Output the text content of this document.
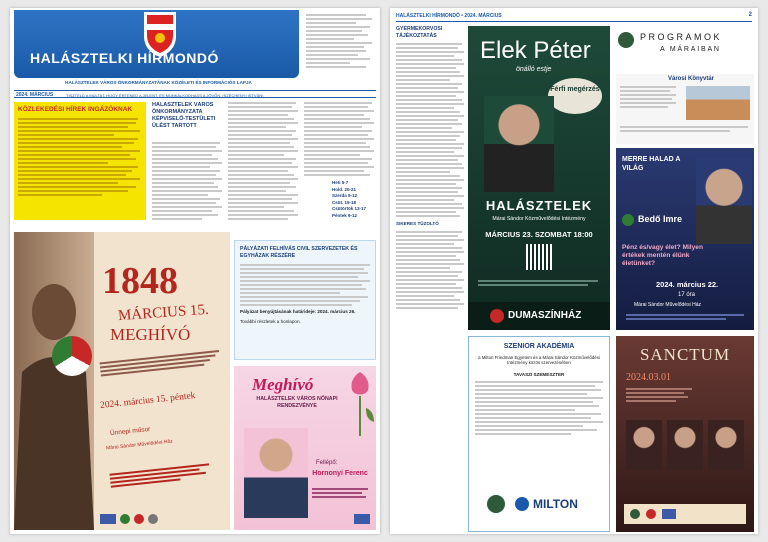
HALÁSZTELKI HÍRMONDÓ
HALÁSZTELEK VÁROS ÖNKORMÁNYZATÁNAK KÖZÉLETI ÉS INFORMÁCIÓS LAPJA
2024. MÁRCIUS	TISZTELD A MÚLTAT, HOGY ÉRTENED A JELENT, ÉS MUNKÁLKODHASS A JÖVŐN. (SZÉCHENYI ISTVÁN)
KÖZLEKEDÉSI HÍREK INGÁZÓKNAK
HALÁSZTELEK VÁROS ÖNKORMÁNYZATA KÉPVISELŐ-TESTÜLETI ÜLÉST TARTOTT
Heti 5-7
Hold. 20-21
Szerda 9-12
Csüt. 15-18
Csütörtök 13-17
Péntek 9-12
1848
MÁRCIUS 15.
MEGHÍVÓ
2024. március 15. péntek
Ünnepi műsor
Márai Sándor Művelődési Ház
PÁLYÁZATI FELHÍVÁS CIVIL SZERVEZETEK ÉS EGYHÁZAK RÉSZÉRE
Pályázat benyújtásának határideje: 2024. március 26.
További részletek a honlapon.
Meghívó
HALÁSZTELEK VÁROS NŐNAPI RENDEZVÉNYE
Fellépő:
Hornonyi Ferenc
HALÁSZTELKI HÍRMONDÓ • 2024. MÁRCIUS	2
GYERMEKORVOSI TÁJÉKOZTATÁS
SIKERES TŰZOLTÓ
Elek Péter
önálló estje
Férfi megérzés
HALÁSZTELEK
Márai Sándor Közművelődési Intézmény
MÁRCIUS 23. SZOMBAT 18:00
DUMASZÍNHÁZ
PROGRAMOK
A MÁRAIBAN
Városi Könyvtár
MERRE HALAD A VILÁG
Bedő Imre
Pénz és/vagy élet? Milyen értékek mentén élünk életünket?
2024. március 22.
17 óra
Márai Sándor Művelődési Ház
SZENIOR AKADÉMIA
a Milton Friedman Egyetem és a Márai Sándor Közművelődési Intézmény közös szervezésében
TAVASZI SZEMESZTER
MILTON
SANCTUM
2024.03.01
